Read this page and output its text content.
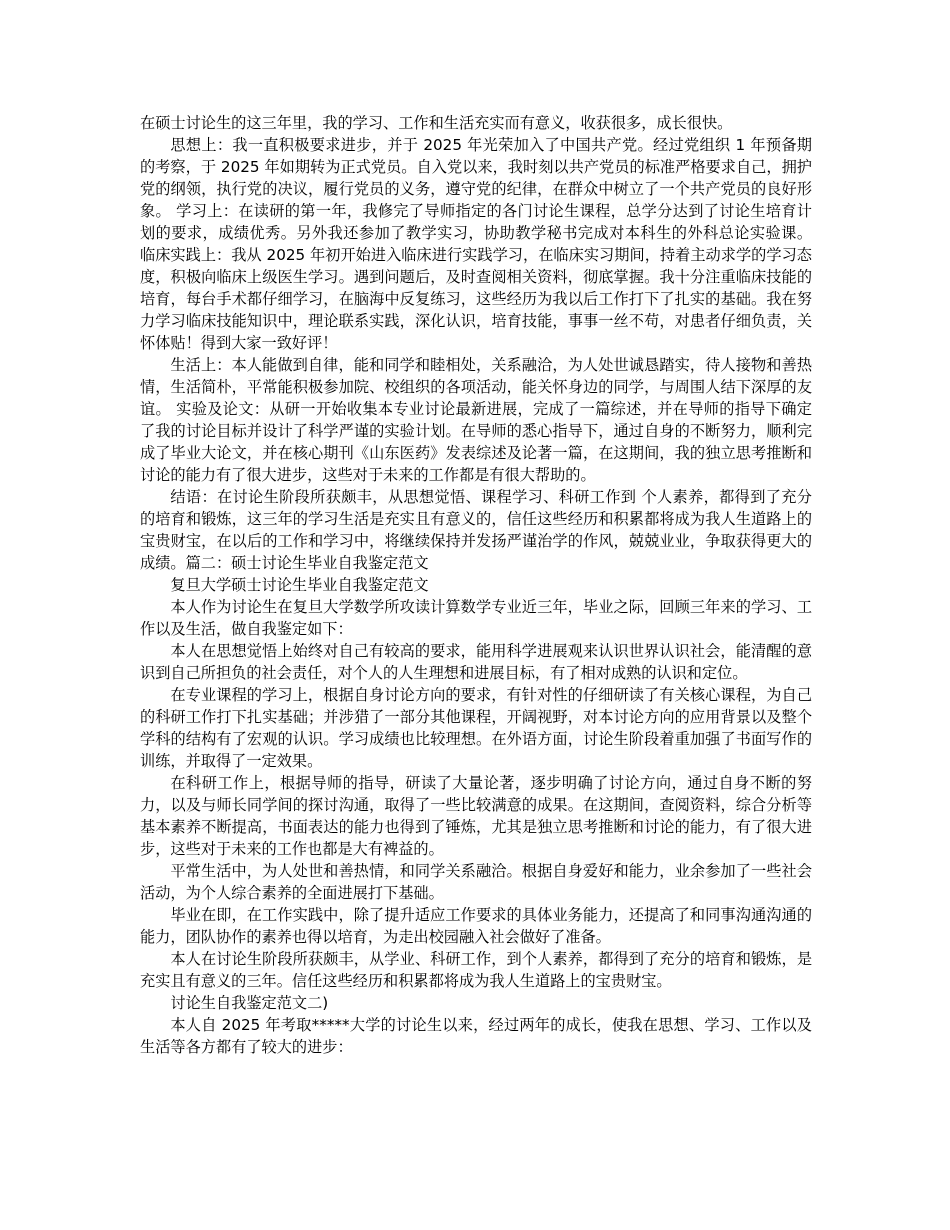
在硕士讨论生的这三年里，我的学习、工作和生活充实而有意义，收获很多，成长很快。

思想上：我一直积极要求进步，并于 2025 年光荣加入了中国共产党。经过党组织 1 年预备期的考察，于 2025 年如期转为正式党员。自入党以来，我时刻以共产党员的标准严格要求自己，拥护党的纲领，执行党的决议，履行党员的义务，遵守党的纪律，在群众中树立了一个共产党员的良好形象。 学习上：在读研的第一年，我修完了导师指定的各门讨论生课程，总学分达到了讨论生培育计划的要求，成绩优秀。另外我还参加了教学实习，协助教学秘书完成对本科生的外科总论实验课。 临床实践上：我从 2025 年初开始进入临床进行实践学习，在临床实习期间，持着主动求学的学习态度，积极向临床上级医生学习。遇到问题后，及时查阅相关资料，彻底掌握。我十分注重临床技能的培育，每台手术都仔细学习，在脑海中反复练习，这些经历为我以后工作打下了扎实的基础。我在努力学习临床技能知识中，理论联系实践，深化认识，培育技能，事事一丝不苟，对患者仔细负责，关怀体贴！得到大家一致好评！

生活上：本人能做到自律，能和同学和睦相处，关系融洽，为人处世诚恳踏实，待人接物和善热情，生活简朴，平常能积极参加院、校组织的各项活动，能关怀身边的同学，与周围人结下深厚的友谊。 实验及论文：从研一开始收集本专业讨论最新进展，完成了一篇综述，并在导师的指导下确定了我的讨论目标并设计了科学严谨的实验计划。在导师的悉心指导下，通过自身的不断努力，顺利完成了毕业大论文，并在核心期刊《山东医药》发表综述及论著一篇，在这期间，我的独立思考推断和讨论的能力有了很大进步，这些对于未来的工作都是有很大帮助的。

结语：在讨论生阶段所获颇丰，从思想觉悟、课程学习、科研工作到 个人素养，都得到了充分的培育和锻炼，这三年的学习生活是充实且有意义的，信任这些经历和积累都将成为我人生道路上的宝贵财宝，在以后的工作和学习中，将继续保持并发扬严谨治学的作风，兢兢业业，争取获得更大的成绩。篇二：硕士讨论生毕业自我鉴定范文

复旦大学硕士讨论生毕业自我鉴定范文

本人作为讨论生在复旦大学数学所攻读计算数学专业近三年，毕业之际，回顾三年来的学习、工作以及生活，做自我鉴定如下：

本人在思想觉悟上始终对自己有较高的要求，能用科学进展观来认识世界认识社会，能清醒的意识到自己所担负的社会责任，对个人的人生理想和进展目标，有了相对成熟的认识和定位。

在专业课程的学习上，根据自身讨论方向的要求，有针对性的仔细研读了有关核心课程，为自己的科研工作打下扎实基础；并涉猎了一部分其他课程，开阔视野，对本讨论方向的应用背景以及整个学科的结构有了宏观的认识。学习成绩也比较理想。在外语方面，讨论生阶段着重加强了书面写作的训练，并取得了一定效果。

在科研工作上，根据导师的指导，研读了大量论著，逐步明确了讨论方向，通过自身不断的努力，以及与师长同学间的探讨沟通，取得了一些比较满意的成果。在这期间，查阅资料，综合分析等基本素养不断提高，书面表达的能力也得到了锤炼，尤其是独立思考推断和讨论的能力，有了很大进步，这些对于未来的工作也都是大有裨益的。

平常生活中，为人处世和善热情，和同学关系融洽。根据自身爱好和能力，业余参加了一些社会活动，为个人综合素养的全面进展打下基础。

毕业在即，在工作实践中，除了提升适应工作要求的具体业务能力，还提高了和同事沟通沟通的能力，团队协作的素养也得以培育，为走出校园融入社会做好了准备。

本人在讨论生阶段所获颇丰，从学业、科研工作，到个人素养，都得到了充分的培育和锻炼，是充实且有意义的三年。信任这些经历和积累都将成为我人生道路上的宝贵财宝。

讨论生自我鉴定范文二)

本人自 2025 年考取*****大学的讨论生以来，经过两年的成长，使我在思想、学习、工作以及生活等各方都有了较大的进步：
